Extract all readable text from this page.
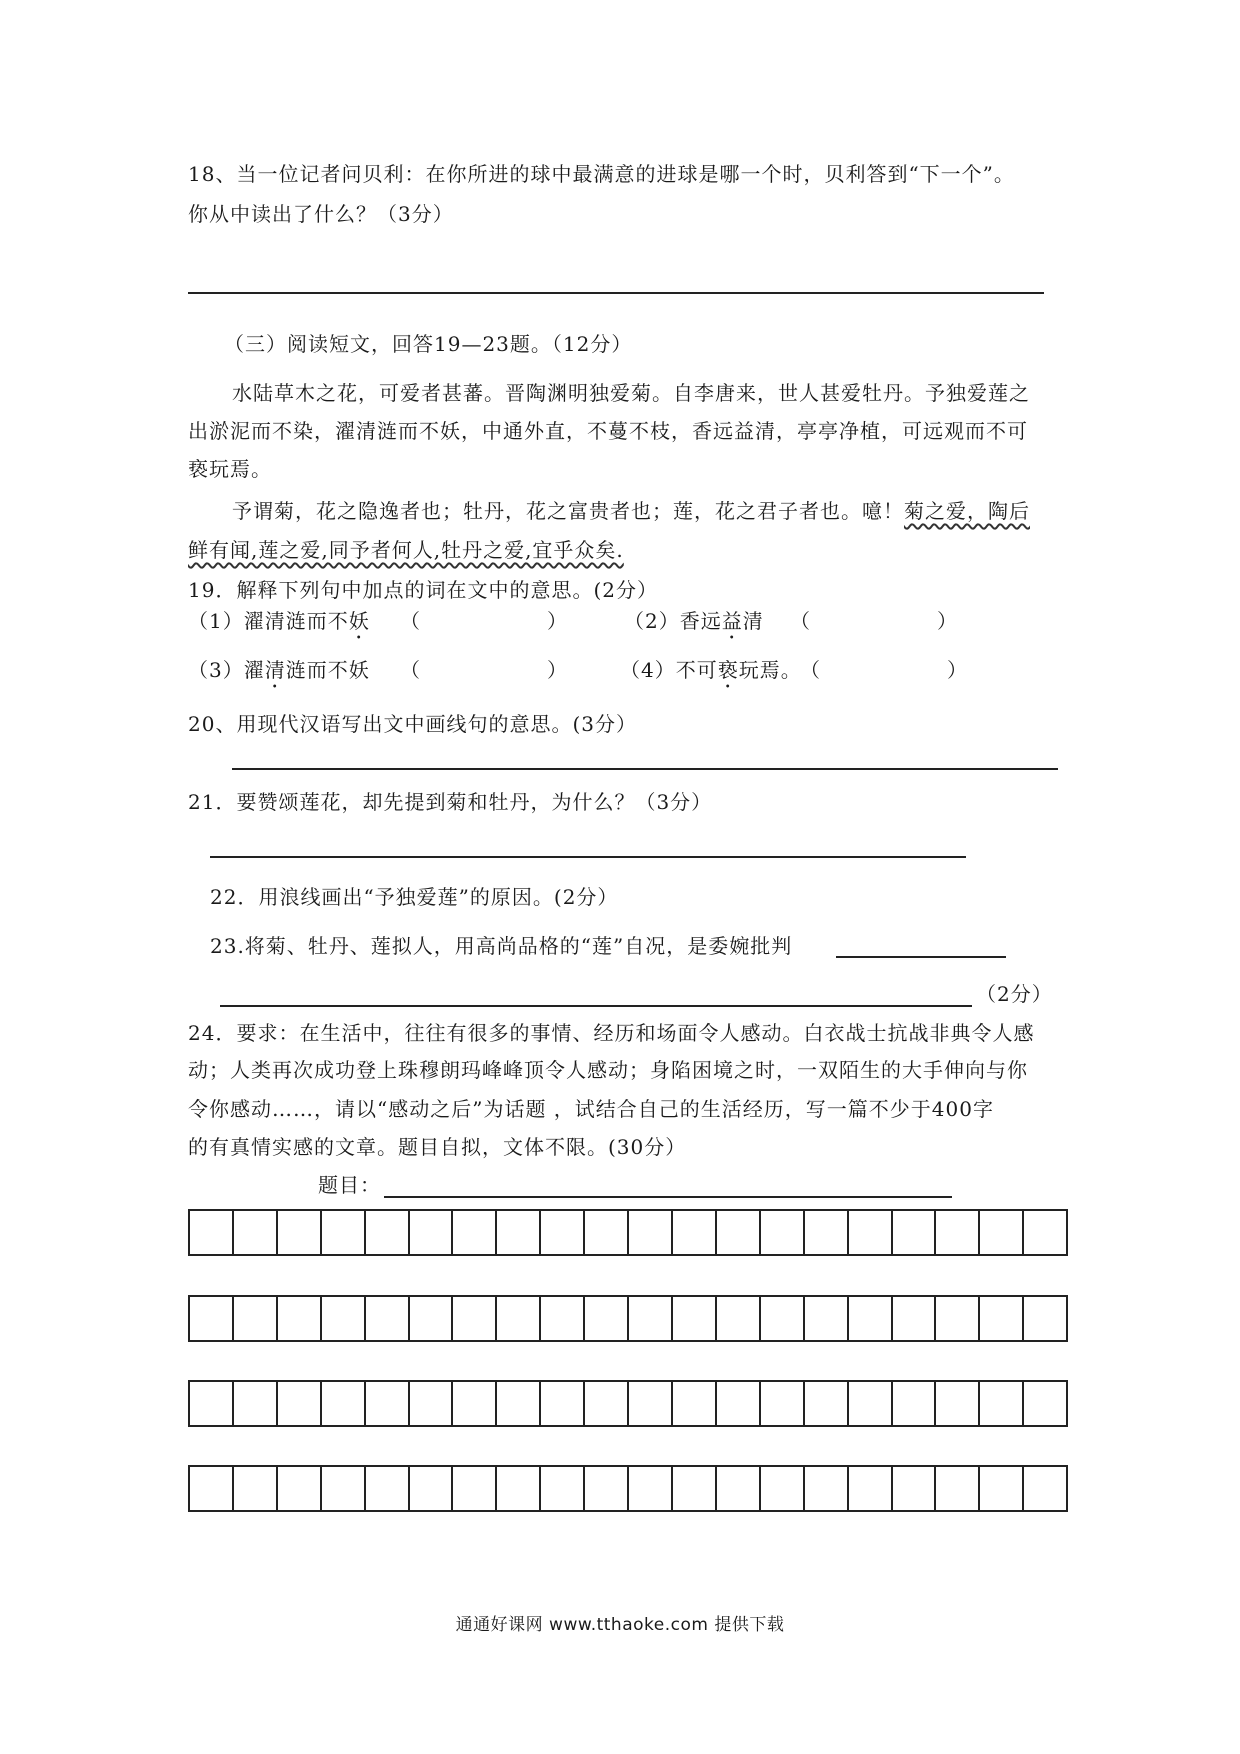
18、当一位记者问贝利：在你所进的球中最满意的进球是哪一个时，贝利答到“下一个”。
你从中读出了什么？（3分）
（三）阅读短文，回答19—23题。（12分）
水陆草木之花，可爱者甚蕃。晋陶渊明独爱菊。自李唐来，世人甚爱牡丹。予独爱莲之
出淤泥而不染，濯清涟而不妖，中通外直，不蔓不枝，香远益清，亭亭净植，可远观而不可
亵玩焉。
予谓菊，花之隐逸者也；牡丹，花之富贵者也；莲，花之君子者也。噫！菊之爱，陶后
鲜有闻,莲之爱,同予者何人,牡丹之爱,宜乎众矣.
19．解释下列句中加点的词在文中的意思。(2分）
（1）濯清涟而不妖 （　　　　　　）	（2）香远益清 （　　　　　　）
（3）濯清涟而不妖 （　　　　　　）	（4）不可亵玩焉。
（　　　　　　）
20、用现代汉语写出文中画线句的意思。(3分）
21．要赞颂莲花，却先提到菊和牡丹，为什么？（3分）
22．用浪线画出“予独爱莲”的原因。(2分）
23.将菊、牡丹、莲拟人，用高尚品格的“莲”自况，是委婉批判
（2分）
24．要求：在生活中，往往有很多的事情、经历和场面令人感动。白衣战士抗战非典令人感
动；人类再次成功登上珠穆朗玛峰峰顶令人感动；身陷困境之时，一双陌生的大手伸向与你
令你感动……，请以“感动之后”为话题 ，试结合自己的生活经历，写一篇不少于400字
的有真情实感的文章。题目自拟，文体不限。(30分）
题目：
通通好课网 www.tthaoke.com 提供下载
